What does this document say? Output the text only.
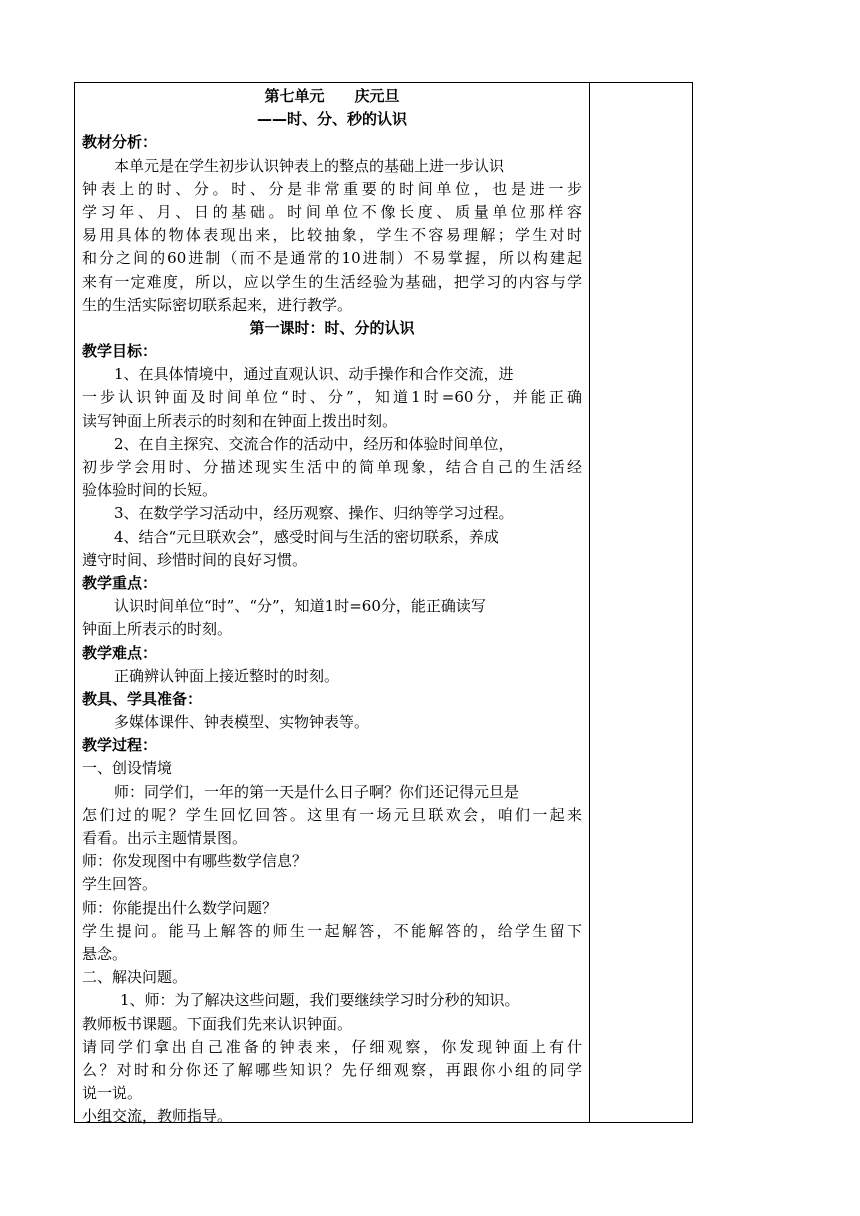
第七单元　　庆元旦
——时、分、秒的认识
教材分析：
本单元是在学生初步认识钟表上的整点的基础上进一步认识
钟表上的时、分。时、分是非常重要的时间单位，也是进一步
学习年、月、日的基础。时间单位不像长度、质量单位那样容
易用具体的物体表现出来，比较抽象，学生不容易理解；学生对时
和分之间的60进制（而不是通常的10进制）不易掌握，所以构建起
来有一定难度，所以，应以学生的生活经验为基础，把学习的内容与学
生的生活实际密切联系起来，进行教学。
第一课时：时、分的认识
教学目标：
1、在具体情境中，通过直观认识、动手操作和合作交流，进
一步认识钟面及时间单位“时、分”，知道1时=60分，并能正确
读写钟面上所表示的时刻和在钟面上拨出时刻。
2、在自主探究、交流合作的活动中，经历和体验时间单位，
初步学会用时、分描述现实生活中的简单现象，结合自己的生活经
验体验时间的长短。
3、在数学学习活动中，经历观察、操作、归纳等学习过程。
4、结合“元旦联欢会”，感受时间与生活的密切联系，养成
遵守时间、珍惜时间的良好习惯。
教学重点：
认识时间单位“时”、“分”，知道1时=60分，能正确读写
钟面上所表示的时刻。
教学难点：
正确辨认钟面上接近整时的时刻。
教具、学具准备：
多媒体课件、钟表模型、实物钟表等。
教学过程：
一、创设情境
师：同学们，一年的第一天是什么日子啊？你们还记得元旦是
怎们过的呢？学生回忆回答。这里有一场元旦联欢会，咱们一起来
看看。出示主题情景图。
师：你发现图中有哪些数学信息？
学生回答。
师：你能提出什么数学问题？
学生提问。能马上解答的师生一起解答，不能解答的，给学生留下
悬念。
二、解决问题。
1、师：为了解决这些问题，我们要继续学习时分秒的知识。
教师板书课题。下面我们先来认识钟面。
请同学们拿出自己准备的钟表来，仔细观察，你发现钟面上有什
么？对时和分你还了解哪些知识？先仔细观察，再跟你小组的同学
说一说。
小组交流，教师指导。
